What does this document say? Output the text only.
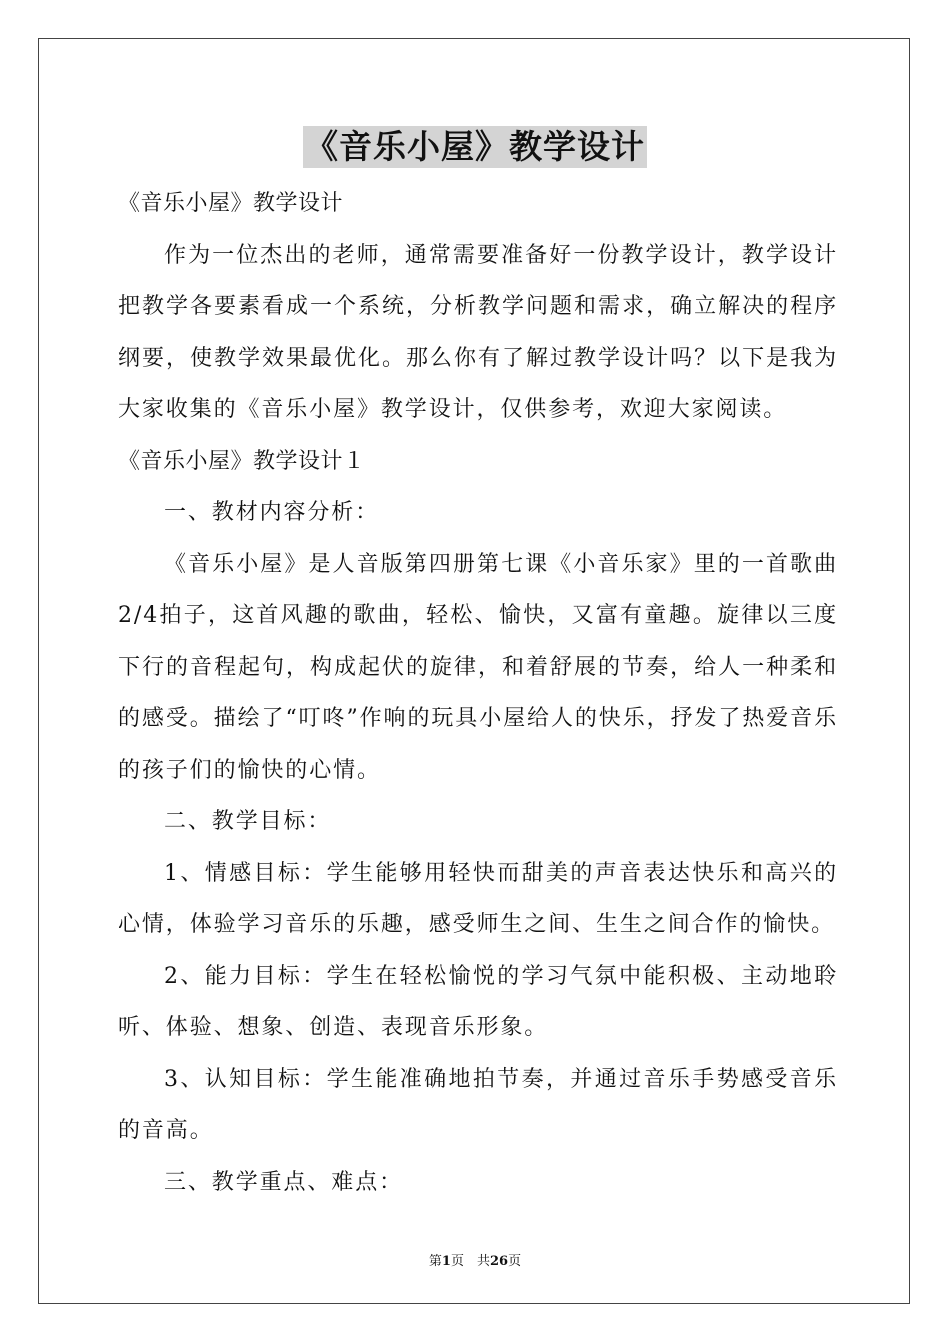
《音乐小屋》教学设计
《音乐小屋》教学设计
作为一位杰出的老师，通常需要准备好一份教学设计，教学设计把教学各要素看成一个系统，分析教学问题和需求，确立解决的程序纲要，使教学效果最优化。那么你有了解过教学设计吗？以下是我为大家收集的《音乐小屋》教学设计，仅供参考，欢迎大家阅读。
《音乐小屋》教学设计１
一、教材内容分析：
《音乐小屋》是人音版第四册第七课《小音乐家》里的一首歌曲2/4拍子，这首风趣的歌曲，轻松、愉快，又富有童趣。旋律以三度下行的音程起句，构成起伏的旋律，和着舒展的节奏，给人一种柔和的感受。描绘了“叮咚”作响的玩具小屋给人的快乐，抒发了热爱音乐的孩子们的愉快的心情。
二、教学目标：
1、情感目标：学生能够用轻快而甜美的声音表达快乐和高兴的心情，体验学习音乐的乐趣，感受师生之间、生生之间合作的愉快。
2、能力目标：学生在轻松愉悦的学习气氛中能积极、主动地聆听、体验、想象、创造、表现音乐形象。
3、认知目标：学生能准确地拍节奏，并通过音乐手势感受音乐的音高。
三、教学重点、难点：
第1页　共26页
